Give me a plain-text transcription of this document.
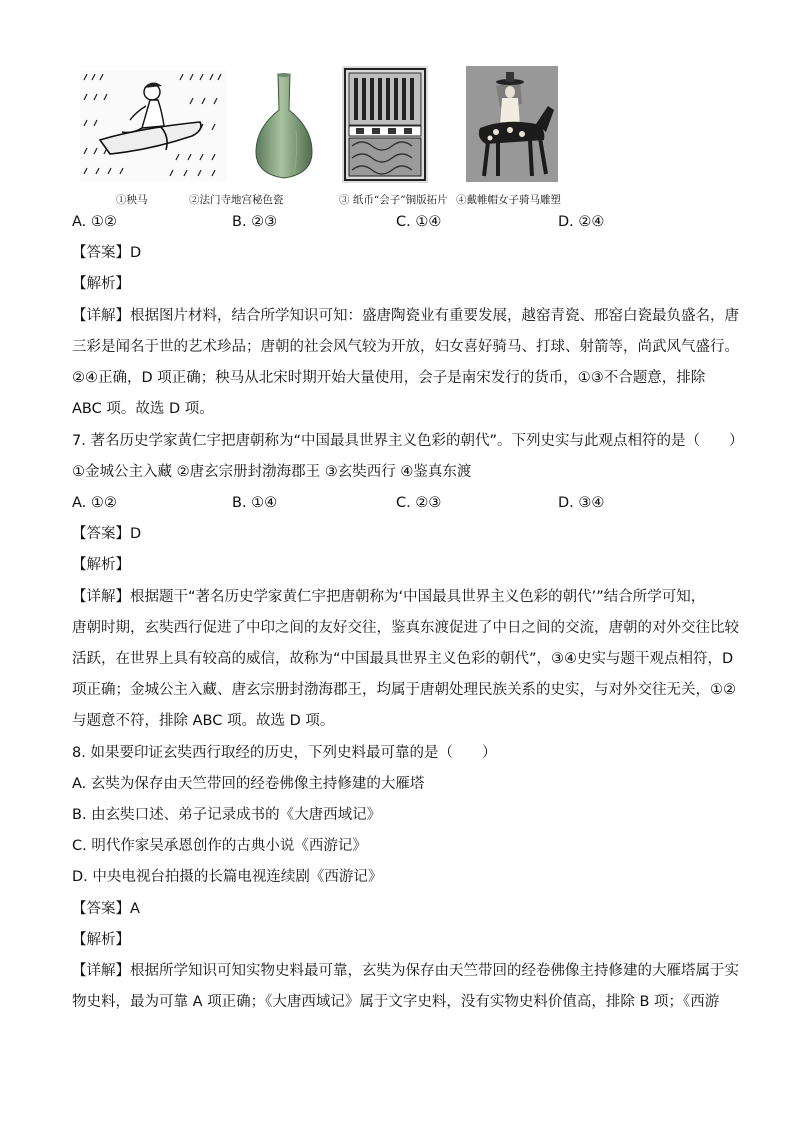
①秧马	②法门寺地宫秘色瓷	③ 纸币“会子”铜版拓片 ④戴帷帽女子骑马雕塑
A. ①②	B. ②③	C. ①④	D. ②④
【答案】D
【解析】
【详解】根据图片材料，结合所学知识可知：盛唐陶瓷业有重要发展，越窑青瓷、邢窑白瓷最负盛名，唐
三彩是闻名于世的艺术珍品；唐朝的社会风气较为开放，妇女喜好骑马、打球、射箭等，尚武风气盛行。
②④正确，D 项正确；秧马从北宋时期开始大量使用，会子是南宋发行的货币，①③不合题意，排除
ABC 项。故选 D 项。
7. 著名历史学家黄仁宇把唐朝称为“中国最具世界主义色彩的朝代”。下列史实与此观点相符的是（　　）
①金城公主入藏 ②唐玄宗册封渤海郡王 ③玄奘西行 ④鉴真东渡
A. ①②	B. ①④	C. ②③	D. ③④
【答案】D
【解析】
【详解】根据题干“著名历史学家黄仁宇把唐朝称为‘中国最具世界主义色彩的朝代’”结合所学可知，
唐朝时期，玄奘西行促进了中印之间的友好交往，鉴真东渡促进了中日之间的交流，唐朝的对外交往比较
活跃，在世界上具有较高的威信，故称为“中国最具世界主义色彩的朝代”，③④史实与题干观点相符，D
项正确；金城公主入藏、唐玄宗册封渤海郡王，均属于唐朝处理民族关系的史实，与对外交往无关，①②
与题意不符，排除 ABC 项。故选 D 项。
8. 如果要印证玄奘西行取经的历史，下列史料最可靠的是（　　）
A. 玄奘为保存由天竺带回的经卷佛像主持修建的大雁塔
B. 由玄奘口述、弟子记录成书的《大唐西域记》
C. 明代作家吴承恩创作的古典小说《西游记》
D. 中央电视台拍摄的长篇电视连续剧《西游记》
【答案】A
【解析】
【详解】根据所学知识可知实物史料最可靠，玄奘为保存由天竺带回的经卷佛像主持修建的大雁塔属于实
物史料，最为可靠 A 项正确；《大唐西域记》属于文字史料，没有实物史料价值高，排除 B 项；《西游
